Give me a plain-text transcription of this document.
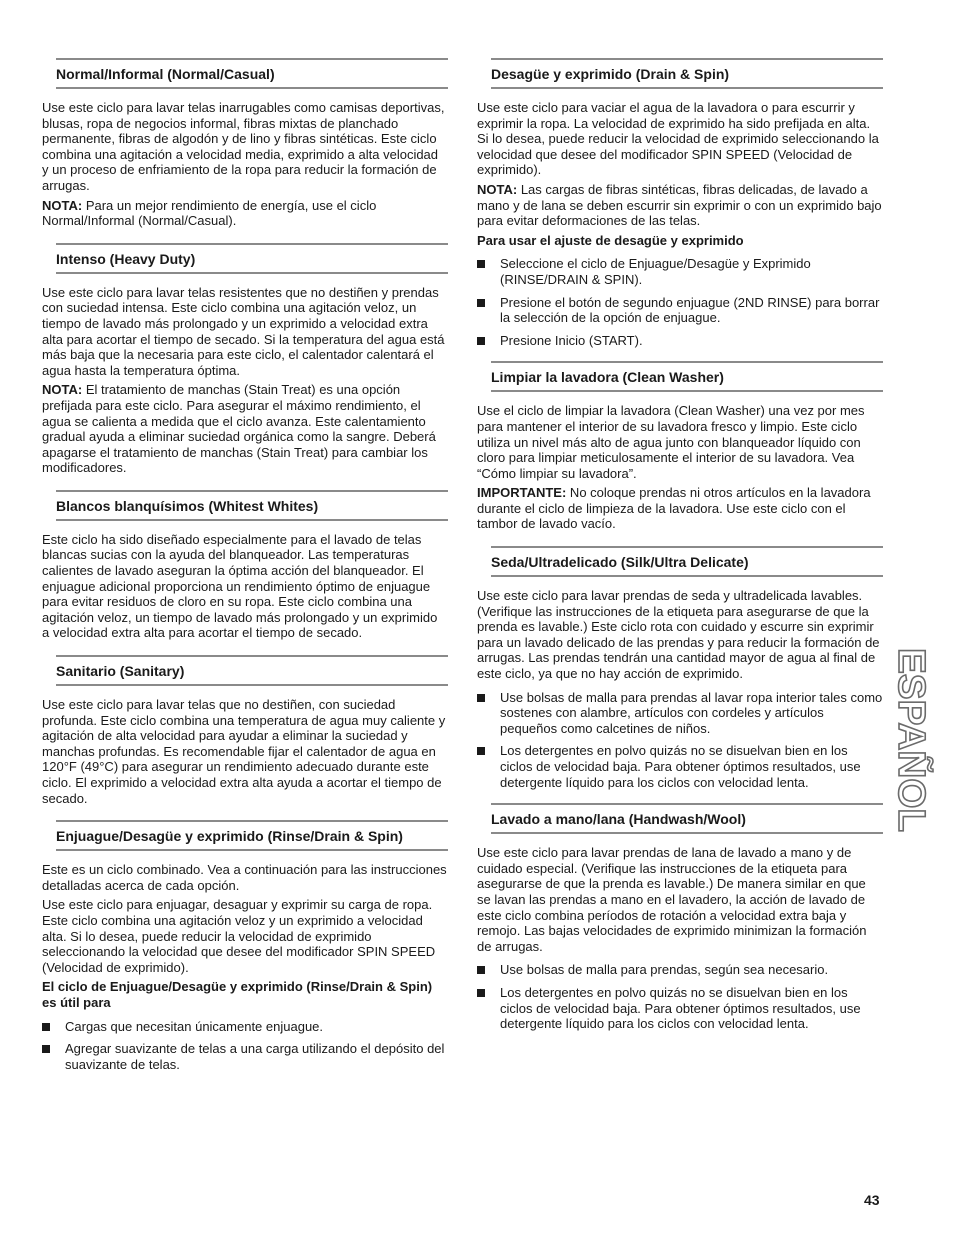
Normal/Informal (Normal/Casual)

Use este ciclo para lavar telas inarrugables como camisas deportivas, blusas, ropa de negocios informal, fibras mixtas de planchado permanente, fibras de algodón y de lino y fibras sintéticas. Este ciclo combina una agitación a velocidad media, exprimido a alta velocidad y un proceso de enfriamiento de la ropa para reducir la formación de arrugas.

NOTA: Para un mejor rendimiento de energía, use el ciclo Normal/Informal (Normal/Casual).

Intenso (Heavy Duty)

Use este ciclo para lavar telas resistentes que no destiñen y prendas con suciedad intensa. Este ciclo combina una agitación veloz, un tiempo de lavado más prolongado y un exprimido a velocidad extra alta para acortar el tiempo de secado. Si la temperatura del agua está más baja que la necesaria para este ciclo, el calentador calentará el agua hasta la temperatura óptima.

NOTA: El tratamiento de manchas (Stain Treat) es una opción prefijada para este ciclo. Para asegurar el máximo rendimiento, el agua se calienta a medida que el ciclo avanza. Este calentamiento gradual ayuda a eliminar suciedad orgánica como la sangre. Deberá apagarse el tratamiento de manchas (Stain Treat) para cambiar los modificadores.

Blancos blanquísimos (Whitest Whites)

Este ciclo ha sido diseñado especialmente para el lavado de telas blancas sucias con la ayuda del blanqueador. Las temperaturas calientes de lavado aseguran la óptima acción del blanqueador. El enjuague adicional proporciona un rendimiento óptimo de enjuague para evitar residuos de cloro en su ropa. Este ciclo combina una agitación veloz, un tiempo de lavado más prolongado y un exprimido a velocidad extra alta para acortar el tiempo de secado.

Sanitario (Sanitary)

Use este ciclo para lavar telas que no destiñen, con suciedad profunda. Este ciclo combina una temperatura de agua muy caliente y agitación de alta velocidad para ayudar a eliminar la suciedad y manchas profundas. Es recomendable fijar el calentador de agua en 120°F (49°C) para asegurar un rendimiento adecuado durante este ciclo. El exprimido a velocidad extra alta ayuda a acortar el tiempo de secado.

Enjuague/Desagüe y exprimido (Rinse/Drain & Spin)

Este es un ciclo combinado. Vea a continuación para las instrucciones detalladas acerca de cada opción.

Use este ciclo para enjuagar, desaguar y exprimir su carga de ropa. Este ciclo combina una agitación veloz y un exprimido a velocidad alta. Si lo desea, puede reducir la velocidad de exprimido seleccionando la velocidad que desee del modificador SPIN SPEED (Velocidad de exprimido).

El ciclo de Enjuague/Desagüe y exprimido (Rinse/Drain & Spin) es útil para

Cargas que necesitan únicamente enjuague.
Agregar suavizante de telas a una carga utilizando el depósito del suavizante de telas.
Desagüe y exprimido (Drain & Spin)

Use este ciclo para vaciar el agua de la lavadora o para escurrir y exprimir la ropa. La velocidad de exprimido ha sido prefijada en alta. Si lo desea, puede reducir la velocidad de exprimido seleccionando la velocidad que desee del modificador SPIN SPEED (Velocidad de exprimido).

NOTA: Las cargas de fibras sintéticas, fibras delicadas, de lavado a mano y de lana se deben escurrir sin exprimir o con un exprimido bajo para evitar deformaciones de las telas.

Para usar el ajuste de desagüe y exprimido

Seleccione el ciclo de Enjuague/Desagüe y Exprimido (RINSE/DRAIN & SPIN).
Presione el botón de segundo enjuague (2ND RINSE) para borrar la selección de la opción de enjuague.
Presione Inicio (START).
Limpiar la lavadora (Clean Washer)

Use el ciclo de limpiar la lavadora (Clean Washer) una vez por mes para mantener el interior de su lavadora fresco y limpio. Este ciclo utiliza un nivel más alto de agua junto con blanqueador líquido con cloro para limpiar meticulosamente el interior de su lavadora. Vea “Cómo limpiar su lavadora”.

IMPORTANTE: No coloque prendas ni otros artículos en la lavadora durante el ciclo de limpieza de la lavadora. Use este ciclo con el tambor de lavado vacío.

Seda/Ultradelicado (Silk/Ultra Delicate)

Use este ciclo para lavar prendas de seda y ultradelicada lavables. (Verifique las instrucciones de la etiqueta para asegurarse de que la prenda es lavable.) Este ciclo rota con cuidado y escurre sin exprimir para un lavado delicado de las prendas y para reducir la formación de arrugas. Las prendas tendrán una cantidad mayor de agua al final de este ciclo, ya que no hay acción de exprimido.

Use bolsas de malla para prendas al lavar ropa interior tales como sostenes con alambre, artículos con cordeles y artículos pequeños como calcetines de niños.
Los detergentes en polvo quizás no se disuelvan bien en los ciclos de velocidad baja. Para obtener óptimos resultados, use detergente líquido para los ciclos con velocidad lenta.
Lavado a mano/lana (Handwash/Wool)

Use este ciclo para lavar prendas de lana de lavado a mano y de cuidado especial. (Verifique las instrucciones de la etiqueta para asegurarse de que la prenda es lavable.) De manera similar en que se lavan las prendas a mano en el lavadero, la acción de lavado de este ciclo combina períodos de rotación a velocidad extra baja y remojo. Las bajas velocidades de exprimido minimizan la formación de arrugas.

Use bolsas de malla para prendas, según sea necesario.
Los detergentes en polvo quizás no se disuelvan bien en los ciclos de velocidad baja. Para obtener óptimos resultados, use detergente líquido para los ciclos con velocidad lenta.
ESPAÑOL
43
